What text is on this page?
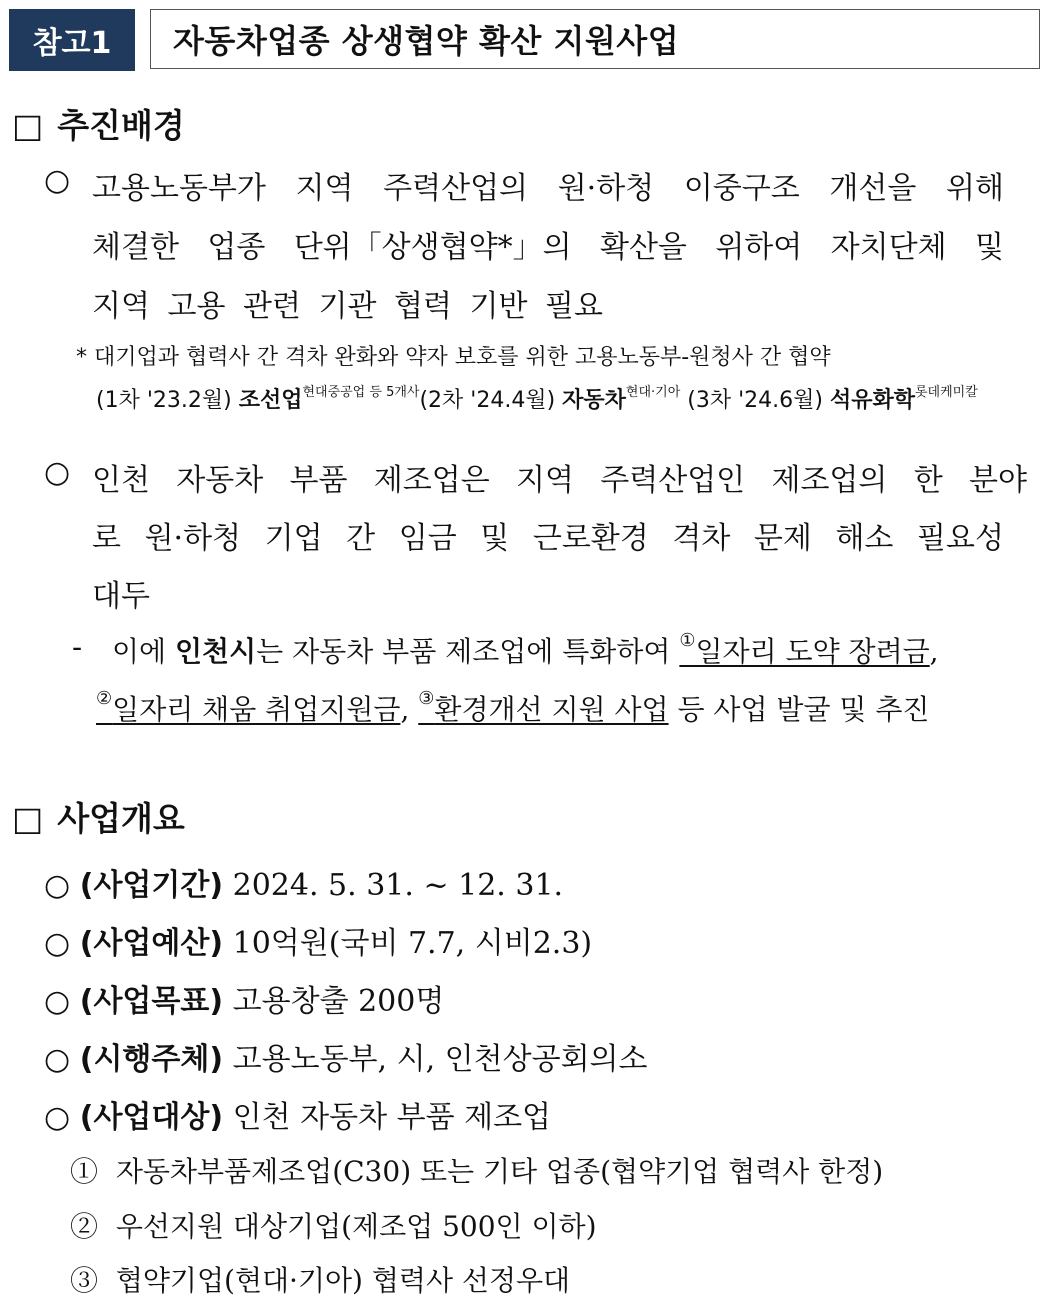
참고1	자동차업종 상생협약 확산 지원사업
□ 추진배경
○ 고용노동부가 지역 주력산업의 원·하청 이중구조 개선을 위해
체결한 업종 단위「상생협약*」의 확산을 위하여 자치단체 및
지역 고용 관련 기관 협력 기반 필요
* 대기업과 협력사 간 격차 완화와 약자 보호를 위한 고용노동부-원청사 간 협약
(1차 '23.2월) 조선업$^{현대중공업 등 5개사}$(2차 '24.4월) 자동차$^{현대\cdot 기아}$ (3차 '24.6월) 석유화학$^{롯데케미칼}$
○ 인천 자동차 부품 제조업은 지역 주력산업인 제조업의 한 분야
로 원·하청 기업 간 임금 및 근로환경 격차 문제 해소 필요성
대두
- 이에 인천시는 자동차 부품 제조업에 특화하여 ①일자리 도약 장려금,
②일자리 채움 취업지원금, ③환경개선 지원 사업 등 사업 발굴 및 추진
□ 사업개요
○ (사업기간) 2024. 5. 31. ~ 12. 31.
○ (사업예산) 10억원(국비 7.7, 시비2.3)
○ (사업목표) 고용창출 200명
○ (시행주체) 고용노동부, 시, 인천상공회의소
○ (사업대상) 인천 자동차 부품 제조업
① 자동차부품제조업(C30) 또는 기타 업종(협약기업 협력사 한정)
② 우선지원 대상기업(제조업 500인 이하)
③ 협약기업(현대·기아) 협력사 선정우대
